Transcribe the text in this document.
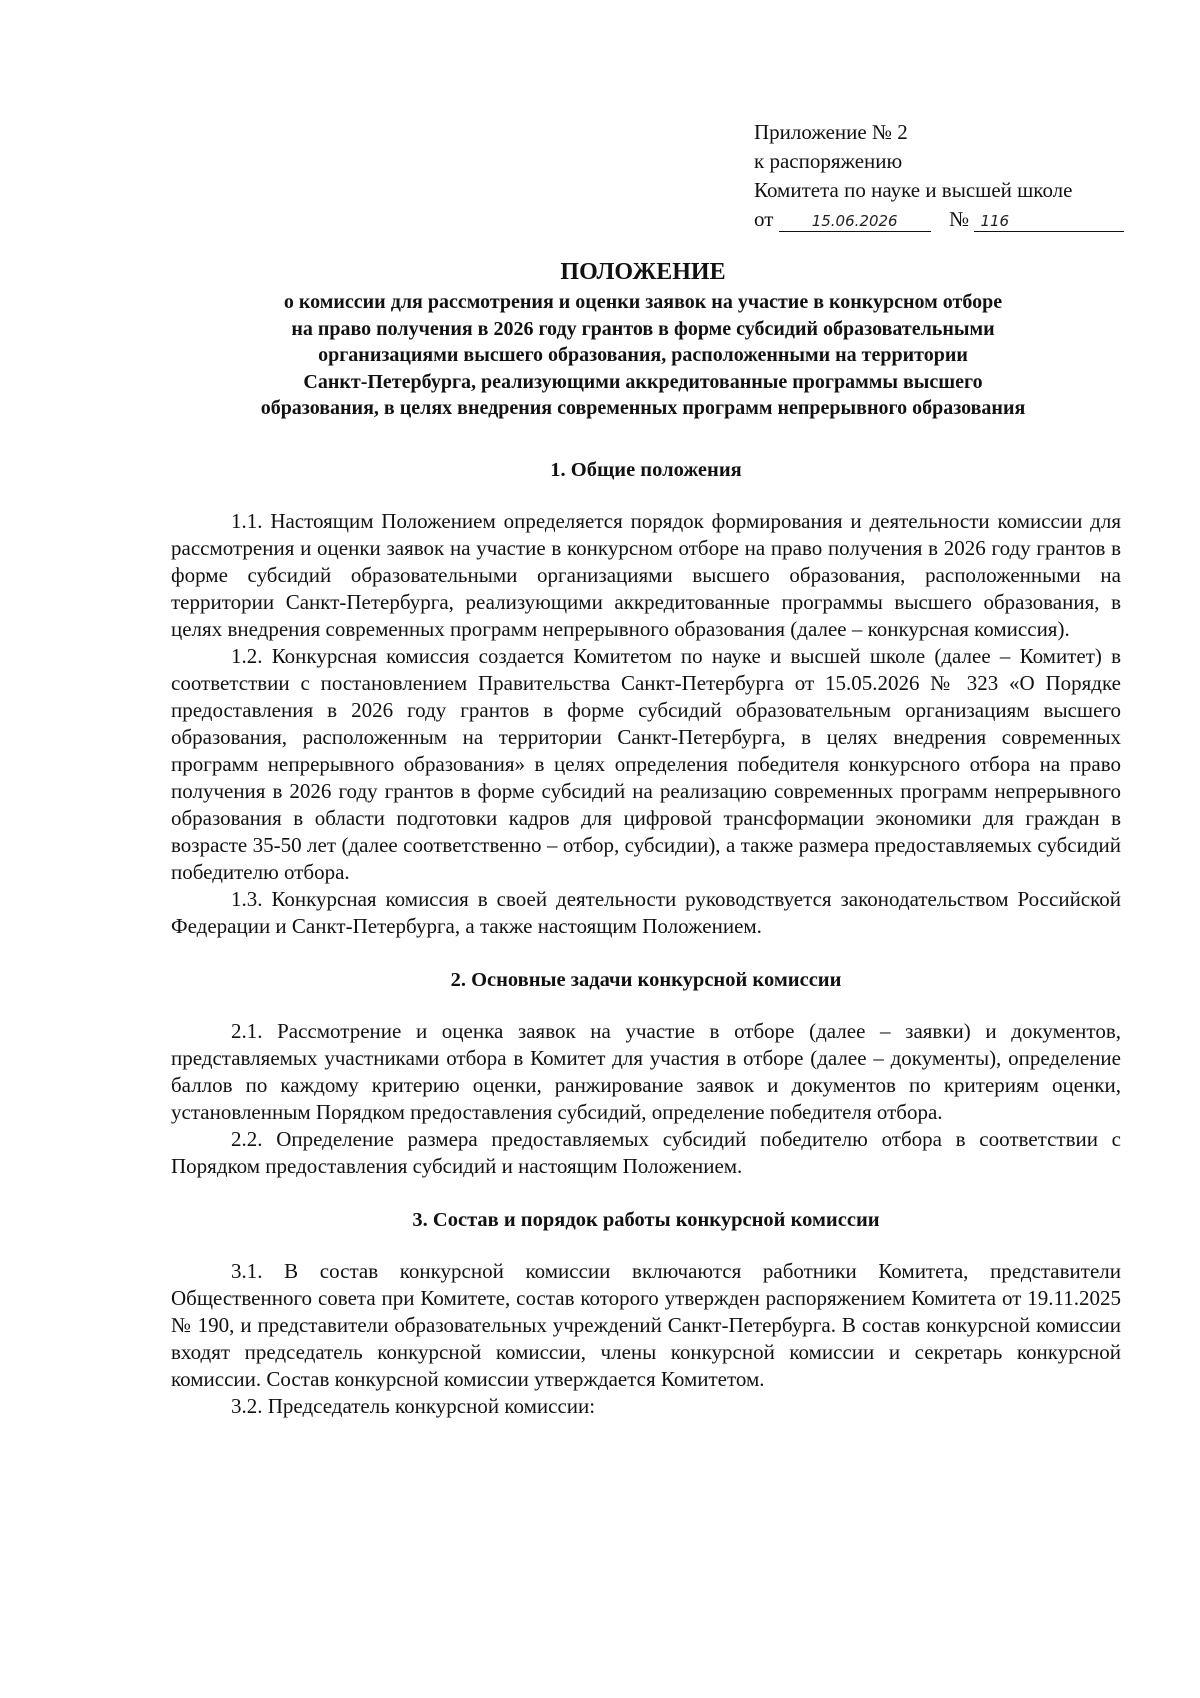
Приложение № 2
к распоряжению
Комитета по науке и высшей школе
от	15.06.2026 № 116
ПОЛОЖЕНИЕ
о комиссии для рассмотрения и оценки заявок на участие в конкурсном отборе
на право получения в 2026 году грантов в форме субсидий образовательными
организациями высшего образования, расположенными на территории
Санкт-Петербурга, реализующими аккредитованные программы высшего
образования, в целях внедрения современных программ непрерывного образования
1. Общие положения

1.1. Настоящим Положением определяется порядок формирования и деятельности комиссии для рассмотрения и оценки заявок на участие в конкурсном отборе на право получения в 2026 году грантов в форме субсидий образовательными организациями высшего образования, расположенными на территории Санкт-Петербурга, реализующими аккредитованные программы высшего образования, в целях внедрения современных программ непрерывного образования (далее – конкурсная комиссия).

1.2. Конкурсная комиссия создается Комитетом по науке и высшей школе (далее – Комитет) в соответствии с постановлением Правительства Санкт-Петербурга от 15.05.2026 № 323 «О Порядке предоставления в 2026 году грантов в форме субсидий образовательным организациям высшего образования, расположенным на территории Санкт-Петербурга, в целях внедрения современных программ непрерывного образования» в целях определения победителя конкурсного отбора на право получения в 2026 году грантов в форме субсидий на реализацию современных программ непрерывного образования в области подготовки кадров для цифровой трансформации экономики для граждан в возрасте 35-50 лет (далее соответственно – отбор, субсидии), а также размера предоставляемых субсидий победителю отбора.

1.3. Конкурсная комиссия в своей деятельности руководствуется законодательством Российской Федерации и Санкт-Петербурга, а также настоящим Положением.

2. Основные задачи конкурсной комиссии

2.1. Рассмотрение и оценка заявок на участие в отборе (далее – заявки) и документов, представляемых участниками отбора в Комитет для участия в отборе (далее – документы), определение баллов по каждому критерию оценки, ранжирование заявок и документов по критериям оценки, установленным Порядком предоставления субсидий, определение победителя отбора.

2.2. Определение размера предоставляемых субсидий победителю отбора в соответствии с Порядком предоставления субсидий и настоящим Положением.

3. Состав и порядок работы конкурсной комиссии

3.1. В состав конкурсной комиссии включаются работники Комитета, представители Общественного совета при Комитете, состав которого утвержден распоряжением Комитета от 19.11.2025 № 190, и представители образовательных учреждений Санкт-Петербурга. В состав конкурсной комиссии входят председатель конкурсной комиссии, члены конкурсной комиссии и секретарь конкурсной комиссии. Состав конкурсной комиссии утверждается Комитетом.

3.2. Председатель конкурсной комиссии:
